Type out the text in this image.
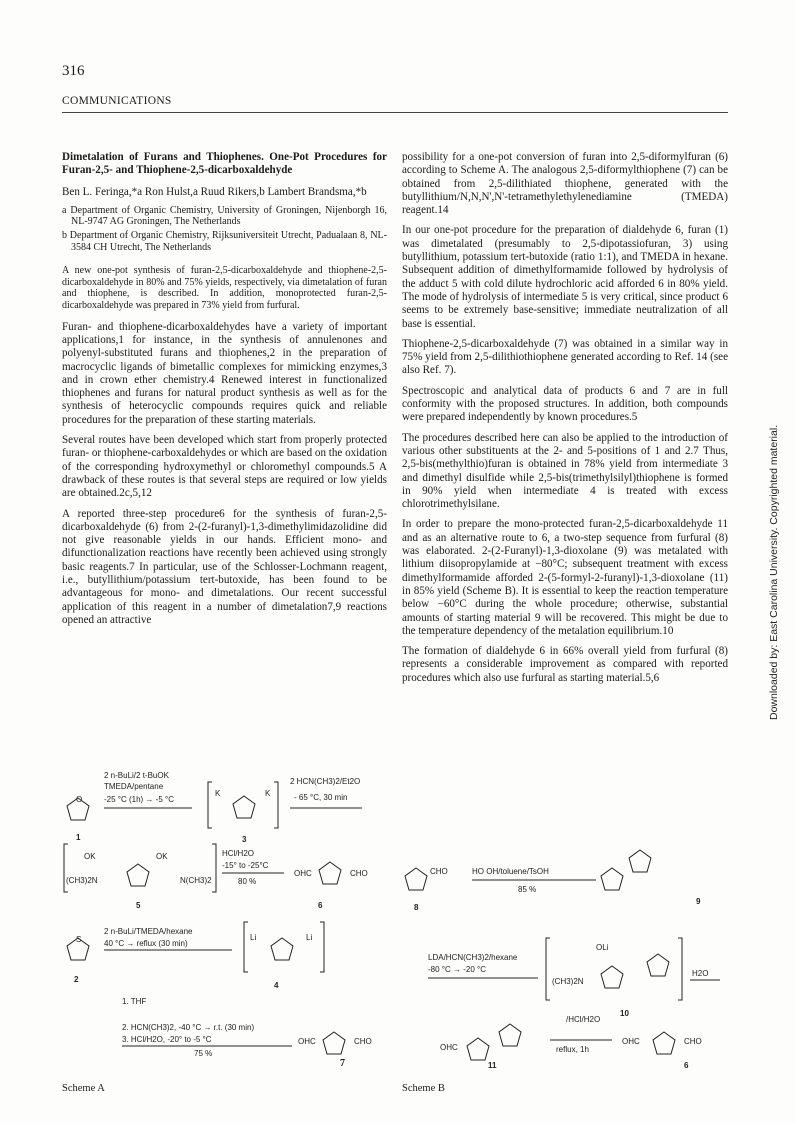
316
COMMUNICATIONS

Dimetalation of Furans and Thiophenes. One-Pot Procedures for Furan-2,5- and Thiophene-2,5-dicarboxaldehyde

Ben L. Feringa,*a Ron Hulst,a Ruud Rikers,b Lambert Brandsma,*b

a Department of Organic Chemistry, University of Groningen, Nijenborgh 16, NL-9747 AG Groningen, The Netherlands

b Department of Organic Chemistry, Rijksuniversiteit Utrecht, Padualaan 8, NL-3584 CH Utrecht, The Netherlands

A new one-pot synthesis of furan-2,5-dicarboxaldehyde and thiophene-2,5-dicarboxaldehyde in 80% and 75% yields, respectively, via dimetalation of furan and thiophene, is described. In addition, monoprotected furan-2,5-dicarboxaldehyde was prepared in 73% yield from furfural.

Furan- and thiophene-dicarboxaldehydes have a variety of important applications,1 for instance, in the synthesis of annulenones and polyenyl-substituted furans and thiophenes,2 in the preparation of macrocyclic ligands of bimetallic complexes for mimicking enzymes,3 and in crown ether chemistry.4 Renewed interest in functionalized thiophenes and furans for natural product synthesis as well as for the synthesis of heterocyclic compounds requires quick and reliable procedures for the preparation of these starting materials.

Several routes have been developed which start from properly protected furan- or thiophene-carboxaldehydes or which are based on the oxidation of the corresponding hydroxymethyl or chloromethyl compounds.5 A drawback of these routes is that several steps are required or low yields are obtained.2c,5,12

A reported three-step procedure6 for the synthesis of furan-2,5-dicarboxaldehyde (6) from 2-(2-furanyl)-1,3-dimethylimidazolidine did not give reasonable yields in our hands. Efficient mono- and difunctionalization reactions have recently been achieved using strongly basic reagents.7 In particular, use of the Schlosser-Lochmann reagent, i.e., butyllithium/potassium tert-butoxide, has been found to be advantageous for mono- and dimetalations. Our recent successful application of this reagent in a number of dimetalation7,9 reactions opened an attractive

possibility for a one-pot conversion of furan into 2,5-diformylfuran (6) according to Scheme A. The analogous 2,5-diformylthiophene (7) can be obtained from 2,5-dilithiated thiophene, generated with the butyllithium/N,N,N',N'-tetramethylethylenediamine (TMEDA) reagent.14

In our one-pot procedure for the preparation of dialdehyde 6, furan (1) was dimetalated (presumably to 2,5-dipotassiofuran, 3) using butyllithium, potassium tert-butoxide (ratio 1:1), and TMEDA in hexane. Subsequent addition of dimethylformamide followed by hydrolysis of the adduct 5 with cold dilute hydrochloric acid afforded 6 in 80% yield. The mode of hydrolysis of intermediate 5 is very critical, since product 6 seems to be extremely base-sensitive; immediate neutralization of all base is essential.

Thiophene-2,5-dicarboxaldehyde (7) was obtained in a similar way in 75% yield from 2,5-dilithiothiophene generated according to Ref. 14 (see also Ref. 7).

Spectroscopic and analytical data of products 6 and 7 are in full conformity with the proposed structures. In addition, both compounds were prepared independently by known procedures.5

The procedures described here can also be applied to the introduction of various other substituents at the 2- and 5-positions of 1 and 2.7 Thus, 2,5-bis(methylthio)furan is obtained in 78% yield from intermediate 3 and dimethyl disulfide while 2,5-bis(trimethylsilyl)thiophene is formed in 90% yield when intermediate 4 is treated with excess chlorotrimethylsilane.

In order to prepare the mono-protected furan-2,5-dicarboxaldehyde 11 and as an alternative route to 6, a two-step sequence from furfural (8) was elaborated. 2-(2-Furanyl)-1,3-dioxolane (9) was metalated with lithium diisopropylamide at −80°C; subsequent treatment with excess dimethylformamide afforded 2-(5-formyl-2-furanyl)-1,3-dioxolane (11) in 85% yield (Scheme B). It is essential to keep the reaction temperature below −60°C during the whole procedure; otherwise, substantial amounts of starting material 9 will be recovered. This might be due to the temperature dependency of the metalation equilibrium.10

The formation of dialdehyde 6 in 66% overall yield from furfural (8) represents a considerable improvement as compared with reported procedures which also use furfural as starting material.5,6

O
1
2 n-BuLi/2 t-BuOK
TMEDA/pentane
-25 °C (1h) → -5 °C
K	K
3
2 HCN(CH3)2/Et2O
- 65 °C, 30 min
OK	OK
(CH3)2N	N(CH3)2
5
HCl/H2O
-15° to -25°C
80 %
OHC	CHO
6
S
2
2 n-BuLi/TMEDA/hexane
40 °C → reflux (30 min)
Li	Li
4
1. THF
2. HCN(CH3)2, -40 °C → r.t. (30 min)
3. HCl/H2O, -20° to -5 °C
75 %
OHC	CHO
7
Scheme A
CHO
8
HO OH/toluene/TsOH
85 %
9
LDA/HCN(CH3)2/hexane
-80 °C → -20 °C
OLi
(CH3)2N
H2O
10
OHC
11
/HCl/H2O
reflux, 1h
OHC	CHO
6
Scheme B
Downloaded by: East Carolina University. Copyrighted material.
